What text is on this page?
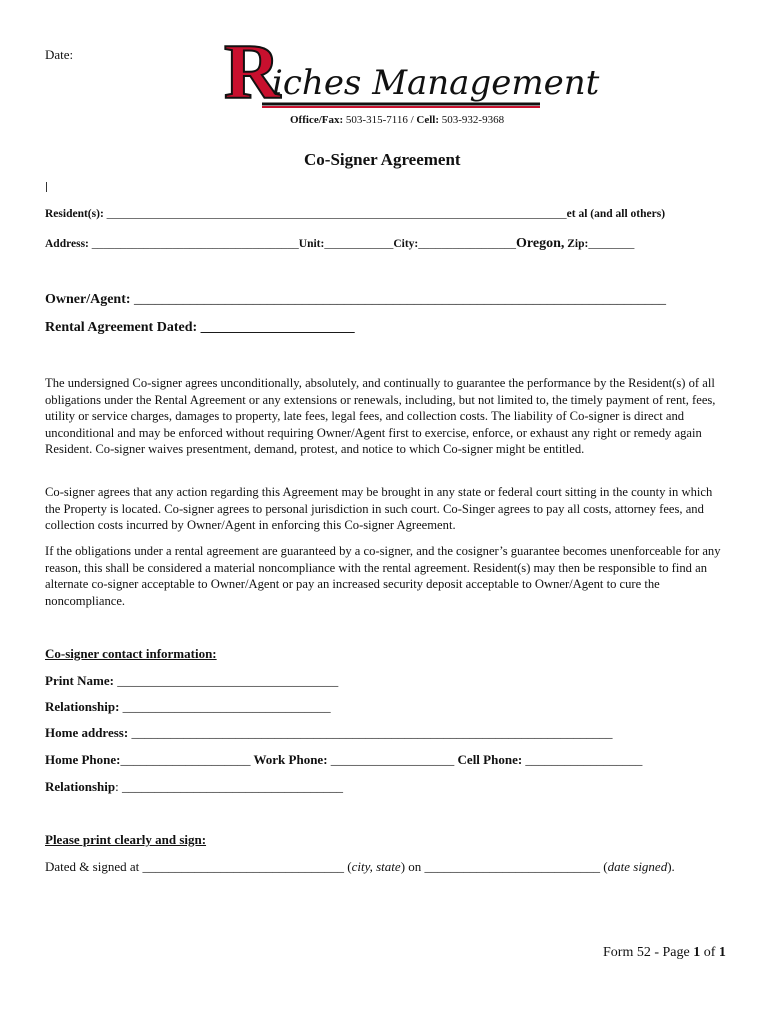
Date: R
iches Management
Office/Fax: 503-315-7116 / Cell: 503-932-9368
Co-Signer Agreement
Resident(s): ________________________________________________________________________________et al (and all others)
Address: ____________________________________Unit:____________City:_________________Oregon, Zip:________
Owner/Agent: ____________________________________________________________________________
Rental Agreement Dated: ______________________
The undersigned Co-signer agrees unconditionally, absolutely, and continually to guarantee the performance by the Resident(s) of all obligations under the Rental Agreement or any extensions or renewals, including, but not limited to, the timely payment of rent, fees, utility or service charges, damages to property, late fees, legal fees, and collection costs. The liability of Co-signer is direct and unconditional and may be enforced without requiring Owner/Agent first to exercise, enforce, or exhaust any right or remedy again Resident. Co-signer waives presentment, demand, protest, and notice to which Co-signer might be entitled.
Co-signer agrees that any action regarding this Agreement may be brought in any state or federal court sitting in the county in which the Property is located. Co-signer agrees to personal jurisdiction in such court. Co-Singer agrees to pay all costs, attorney fees, and collection costs incurred by Owner/Agent in enforcing this Co-signer Agreement.
If the obligations under a rental agreement are guaranteed by a co-signer, and the cosigner’s guarantee becomes unenforceable for any reason, this shall be considered a material noncompliance with the rental agreement. Resident(s) may then be responsible to find an alternate co-signer acceptable to Owner/Agent or pay an increased security deposit acceptable to Owner/Agent to cure the noncompliance.
Co-signer contact information:
Print Name: __________________________________
Relationship: ________________________________
Home address: __________________________________________________________________________
Home Phone:____________________ Work Phone: ___________________ Cell Phone: __________________
Relationship: __________________________________
Please print clearly and sign:
Dated & signed at _______________________________ (city, state) on ___________________________ (date signed).
Form 52 - Page 1 of 1
